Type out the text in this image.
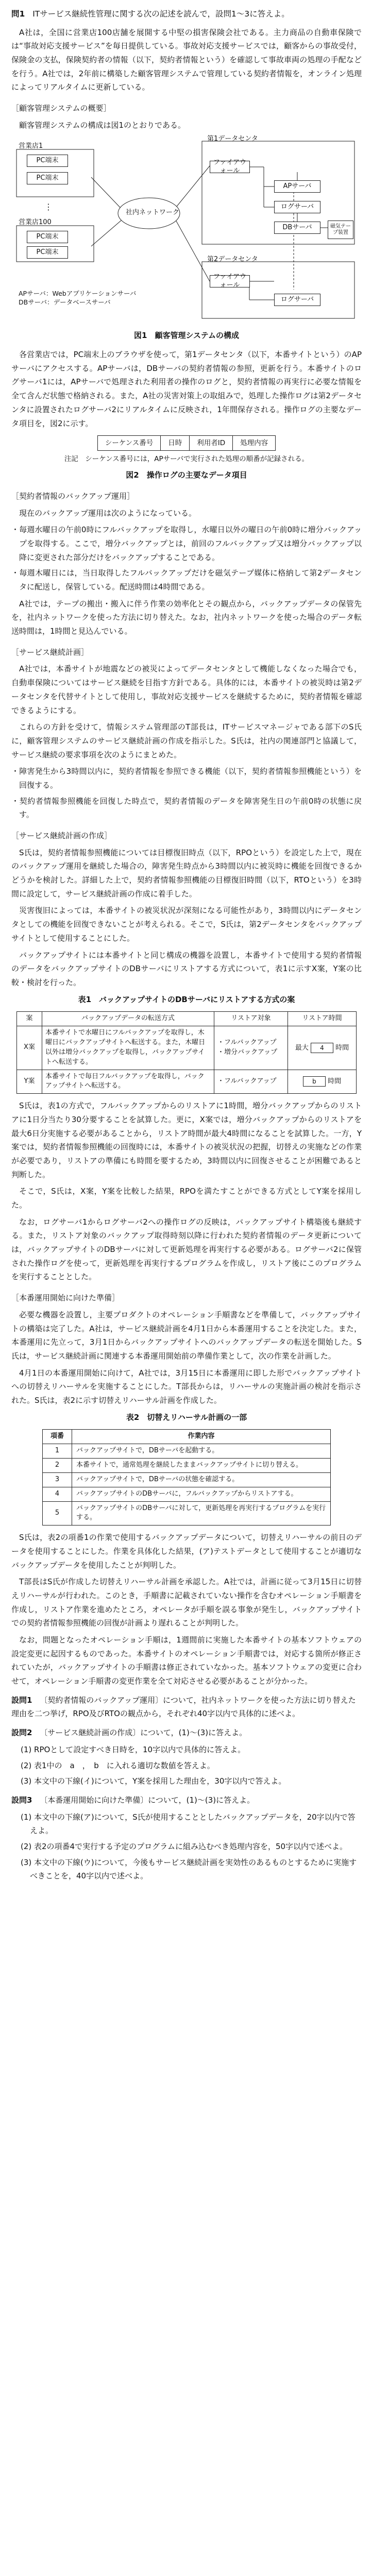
問1 ITサービス継続性管理に関する次の記述を読んで，設問1～3に答えよ。

A社は，全国に営業店100店舗を展開する中堅の損害保険会社である。主力商品の自動車保険では“事故対応支援サービス”を毎日提供している。事故対応支援サービスでは，顧客からの事故受付，保険金の支払，保険契約者の情報（以下，契約者情報という）を確認して事故車両の処理の手配などを行う。A社では，2年前に構築した顧客管理システムで管理している契約者情報を，オンライン処理によってリアルタイムに更新している。

［顧客管理システムの概要］

顧客管理システムの構成は図1のとおりである。

第1データセンタ
第2データセンタ
営業店1
PC端末
PC端末
⋮
営業店100
PC端末
PC端末
社内ネットワーク
ファイアウォール
APサーバ
ログサーバ
DBサーバ	磁気テープ装置
ファイアウォール
ログサーバ
APサーバ：Webアプリケーションサーバ
DBサーバ：データベースサーバ
図1　顧客管理システムの構成

各営業店では，PC端末上のブラウザを使って，第1データセンタ（以下，本番サイトという）のAPサーバにアクセスする。APサーバは，DBサーバの契約者情報の参照，更新を行う。本番サイトのログサーバ1には，APサーバで処理された利用者の操作のログと，契約者情報の再実行に必要な情報を全て含んだ状態で格納される。また，A社の災害対策上の取組みで，処理した操作ログは第2データセンタに設置されたログサーバ2にリアルタイムに反映され，1年間保存される。操作ログの主要なデータ項目を，図2に示す。

シーケンス番号	日時	利用者ID	処理内容
注記　シーケンス番号には，APサーバで実行された処理の順番が記録される。
図2　操作ログの主要なデータ項目
［契約者情報のバックアップ運用］

現在のバックアップ運用は次のようになっている。

・毎週水曜日の午前0時にフルバックアップを取得し，水曜日以外の曜日の午前0時に増分バックアップを取得する。ここで，増分バックアップとは，前回のフルバックアップ又は増分バックアップ以降に変更された部分だけをバックアップすることである。
・毎週木曜日には，当日取得したフルバックアップだけを磁気テープ媒体に格納して第2データセンタに配送し，保管している。配送時間は4時間である。

A社では，テープの搬出・搬入に伴う作業の効率化とその観点から，バックアップデータの保管先を，社内ネットワークを使った方法に切り替えた。なお，社内ネットワークを使った場合のデータ転送時間は，1時間と見込んでいる。

［サービス継続計画］

A社では，本番サイトが地震などの被災によってデータセンタとして機能しなくなった場合でも，自動車保険についてはサービス継続を目指す方針である。具体的には，本番サイトの被災時は第2データセンタを代替サイトとして使用し，事故対応支援サービスを継続するために，契約者情報を確認できるようにする。

これらの方針を受けて，情報システム管理部のT部長は，ITサービスマネージャである部下のS氏に，顧客管理システムのサービス継続計画の作成を指示した。S氏は，社内の関連部門と協議して，サービス継続の要求事項を次のようにまとめた。

・障害発生から3時間以内に，契約者情報を参照できる機能（以下，契約者情報参照機能という）を回復する。
・契約者情報参照機能を回復した時点で，契約者情報のデータを障害発生日の午前0時の状態に戻す。
［サービス継続計画の作成］

S氏は，契約者情報参照機能については目標復旧時点（以下，RPOという）を設定した上で，現在のバックアップ運用を継続した場合の，障害発生時点から3時間以内に被災時に機能を回復できるかどうかを検討した。詳細した上で，契約者情報参照機能の目標復旧時間（以下，RTOという）を3時間に設定して，サービス継続計画の作成に着手した。

災害復旧によっては，本番サイトの被災状況が深刻になる可能性があり，3時間以内にデータセンタとしての機能を回復できないことが考えられる。そこで，S氏は，第2データセンタをバックアップサイトとして使用することにした。

バックアップサイトには本番サイトと同じ構成の機器を設置し，本番サイトで使用する契約者情報のデータをバックアップサイトのDBサーバにリストアする方式について，表1に示すX案，Y案の比較・検討を行った。

表1　バックアップサイトのDBサーバにリストアする方式の案
案	バックアップデータの転送方式	リストア対象	リストア時間
X案	本番サイトで水曜日にフルバックアップを取得し，木曜日にバックアップサイトへ転送する。また，木曜日以外は増分バックアップを取得し，バックアップサイトへ転送する。	・フルバックアップ
・増分バックアップ	最大 4 時間
Y案	本番サイトで毎日フルバックアップを取得し，バックアップサイトへ転送する。	・フルバックアップ	b 時間

S氏は，表1の方式で，フルバックアップからのリストアに1時間，増分バックアップからのリストアに1日分当たり30分要することを試算した。更に，X案では，増分バックアップからのリストアを最大6日分実施する必要があることから，リストア時間が最大4時間になることを試算した。一方，Y案では，契約者情報参照機能の回復時には，本番サイトの被災状況の把握，切替えの実施などの作業が必要であり，リストアの準備にも時間を要するため，3時間以内に回復させることが困難であると判断した。

そこで，S氏は，X案，Y案を比較した結果，RPOを満たすことができる方式としてY案を採用した。

なお，ログサーバ1からログサーバ2への操作ログの反映は，バックアップサイト構築後も継続する。また，リストア対象のバックアップ取得時刻以降に行われた契約者情報のデータ更新については，バックアップサイトのDBサーバに対して更新処理を再実行する必要がある。ログサーバ2に保管された操作ログを使って，更新処理を再実行するプログラムを作成し，リストア後にこのプログラムを実行することとした。

［本番運用開始に向けた準備］

必要な機器を設置し，主要プロダクトのオペレーション手順書などを準備して，バックアップサイトの構築は完了した。A社は，サービス継続計画を4月1日から本番運用することを決定した。また，本番運用に先立って，3月1日からバックアップサイトへのバックアップデータの転送を開始した。S氏は，サービス継続計画に関連する本番運用開始前の準備作業として，次の作業を計画した。

4月1日の本番運用開始に向けて，A社では，3月15日に本番運用に即した形でバックアップサイトへの切替えリハーサルを実施することにした。T部長からは，リハーサルの実施計画の検討を指示された。S氏は，表2に示す切替えリハーサル計画を作成した。

表2　切替えリハーサル計画の一部
項番	作業内容
1	バックアップサイトで，DBサーバを起動する。
2	本番サイトで，通常処理を継続したままバックアップサイトに切り替える。
3	バックアップサイトで，DBサーバの状態を確認する。
4	バックアップサイトのDBサーバに，フルバックアップからリストアする。
5	バックアップサイトのDBサーバに対して，更新処理を再実行するプログラムを実行する。

S氏は，表2の項番1の作業で使用するバックアップデータについて，切替えリハーサルの前日のデータを使用することにした。作業を具体化した結果，(ア)テストデータとして使用することが適切なバックアップデータを使用したことが判明した。

T部長はS氏が作成した切替えリハーサル計画を承認した。A社では，計画に従って3月15日に切替えリハーサルが行われた。このとき，手順書に記載されていない操作を含むオペレーション手順書を作成し，リストア作業を進めたところ，オペレータが手順を誤る事象が発生し，バックアップサイトでの契約者情報参照機能の回復が計画より遅れることが判明した。

なお，問題となったオペレーション手順は，1週間前に実施した本番サイトの基本ソフトウェアの設定変更に起因するものであった。本番サイトのオペレーション手順書では，対応する箇所が修正されていたが，バックアップサイトの手順書は修正されていなかった。基本ソフトウェアの変更に合わせて，オペレーション手順書の変更作業を全て対応させる必要があることが分かった。

設問1 〔契約者情報のバックアップ運用〕について，社内ネットワークを使った方法に切り替えた理由を二つ挙げ，RPO及びRTOの観点から，それぞれ40字以内で具体的に述べよ。
設問2 〔サービス継続計画の作成〕について，(1)～(3)に答えよ。
(1) RPOとして設定すべき日時を，10字以内で具体的に答えよ。
(2) 表1中の　a　，　b　に入れる適切な数値を答えよ。
(3) 本文中の下線(イ)について，Y案を採用した理由を，30字以内で答えよ。
設問3 〔本番運用開始に向けた準備〕について，(1)～(3)に答えよ。
(1) 本文中の下線(ア)について，S氏が使用することとしたバックアップデータを，20字以内で答えよ。
(2) 表2の項番4で実行する予定のプログラムに組み込むべき処理内容を，50字以内で述べよ。
(3) 本文中の下線(ウ)について，今後もサービス継続計画を実効性のあるものとするために実施すべきことを，40字以内で述べよ。
